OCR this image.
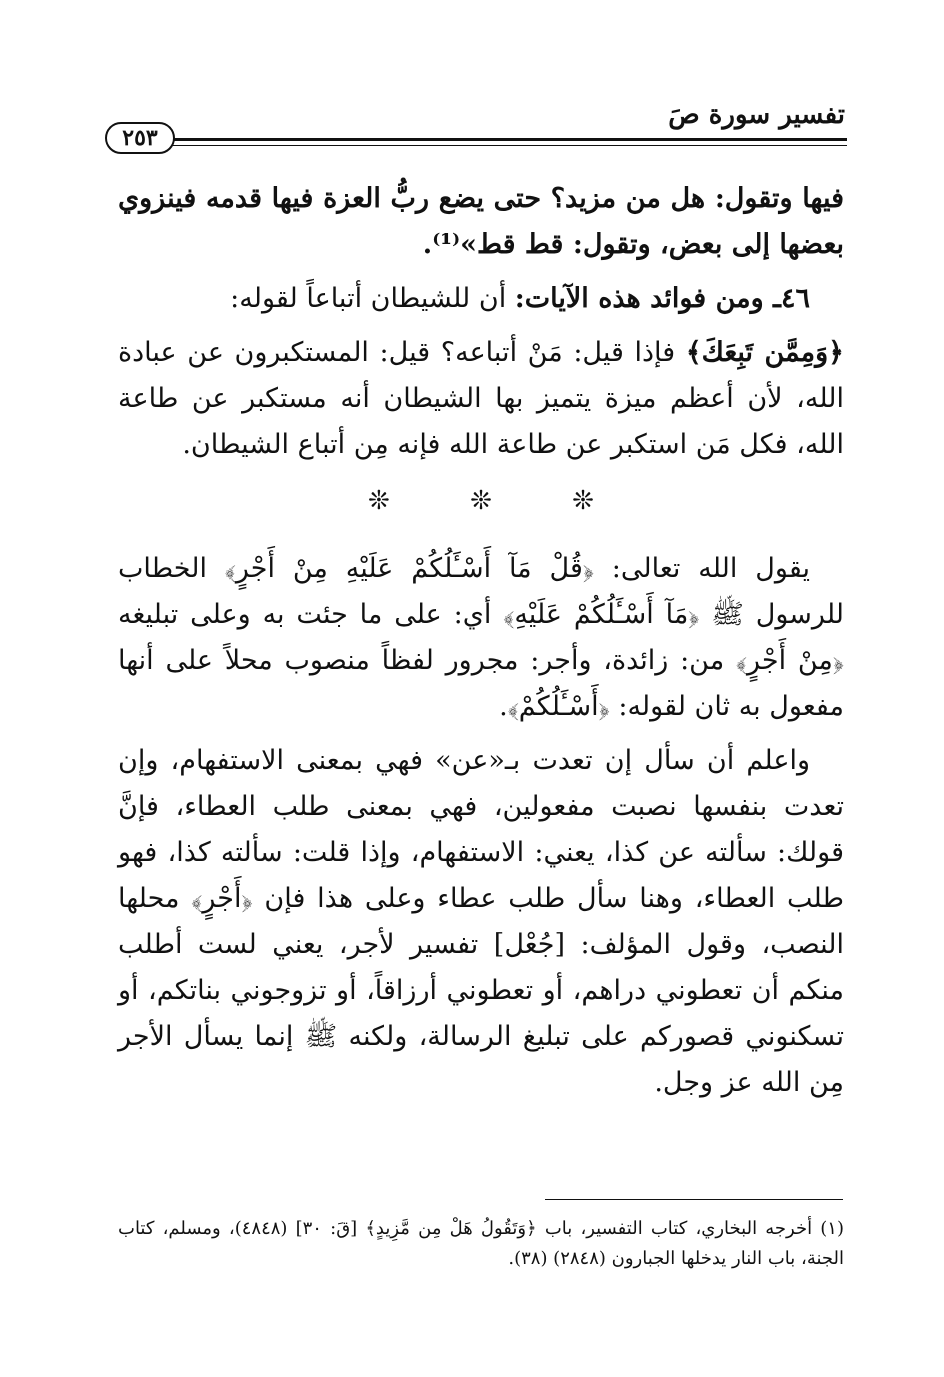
تفسير سورة صَ
٢٥٣

فيها وتقول: هل من مزيد؟ حتى يضع ربُّ العزة فيها قدمه فينزوي بعضها إلى بعض، وتقول: قط قط»⁽¹⁾.

٤٦ـ ومن فوائد هذه الآيات: أن للشيطان أتباعاً لقوله:

﴿وَمِمَّن تَبِعَكَ﴾ فإذا قيل: مَنْ أتباعه؟ قيل: المستكبرون عن عبادة الله، لأن أعظم ميزة يتميز بها الشيطان أنه مستكبر عن طاعة الله، فكل مَن استكبر عن طاعة الله فإنه مِن أتباع الشيطان.

❊ ❊ ❊

يقول الله تعالى: ﴿قُلْ مَآ أَسْـَٔلُكُمْ عَلَيْهِ مِنْ أَجْرٍ﴾ الخطاب للرسول ﷺ ﴿مَآ أَسْـَٔلُكُمْ عَلَيْهِ﴾ أي: على ما جئت به وعلى تبليغه ﴿مِنْ أَجْرٍ﴾ من: زائدة، وأجر: مجرور لفظاً منصوب محلاً على أنها مفعول به ثان لقوله: ﴿أَسْـَٔلُكُمْ﴾.

واعلم أن سأل إن تعدت بـ«عن» فهي بمعنى الاستفهام، وإن تعدت بنفسها نصبت مفعولين، فهي بمعنى طلب العطاء، فإنَّ قولك: سألته عن كذا، يعني: الاستفهام، وإذا قلت: سألته كذا، فهو طلب العطاء، وهنا سأل طلب عطاء وعلى هذا فإن ﴿أَجْرٍ﴾ محلها النصب، وقول المؤلف: [جُعْل] تفسير لأجر، يعني لست أطلب منكم أن تعطوني دراهم، أو تعطوني أرزاقاً، أو تزوجوني بناتكم، أو تسكنوني قصوركم على تبليغ الرسالة، ولكنه ﷺ إنما يسأل الأجر مِن الله عز وجل.

(١) أخرجه البخاري، كتاب التفسير، باب ﴿وَتَقُولُ هَلْ مِن مَّزِيدٍ﴾ [قَ: ٣٠] (٤٨٤٨)، ومسلم، كتاب الجنة، باب النار يدخلها الجبارون (٢٨٤٨) (٣٨).
